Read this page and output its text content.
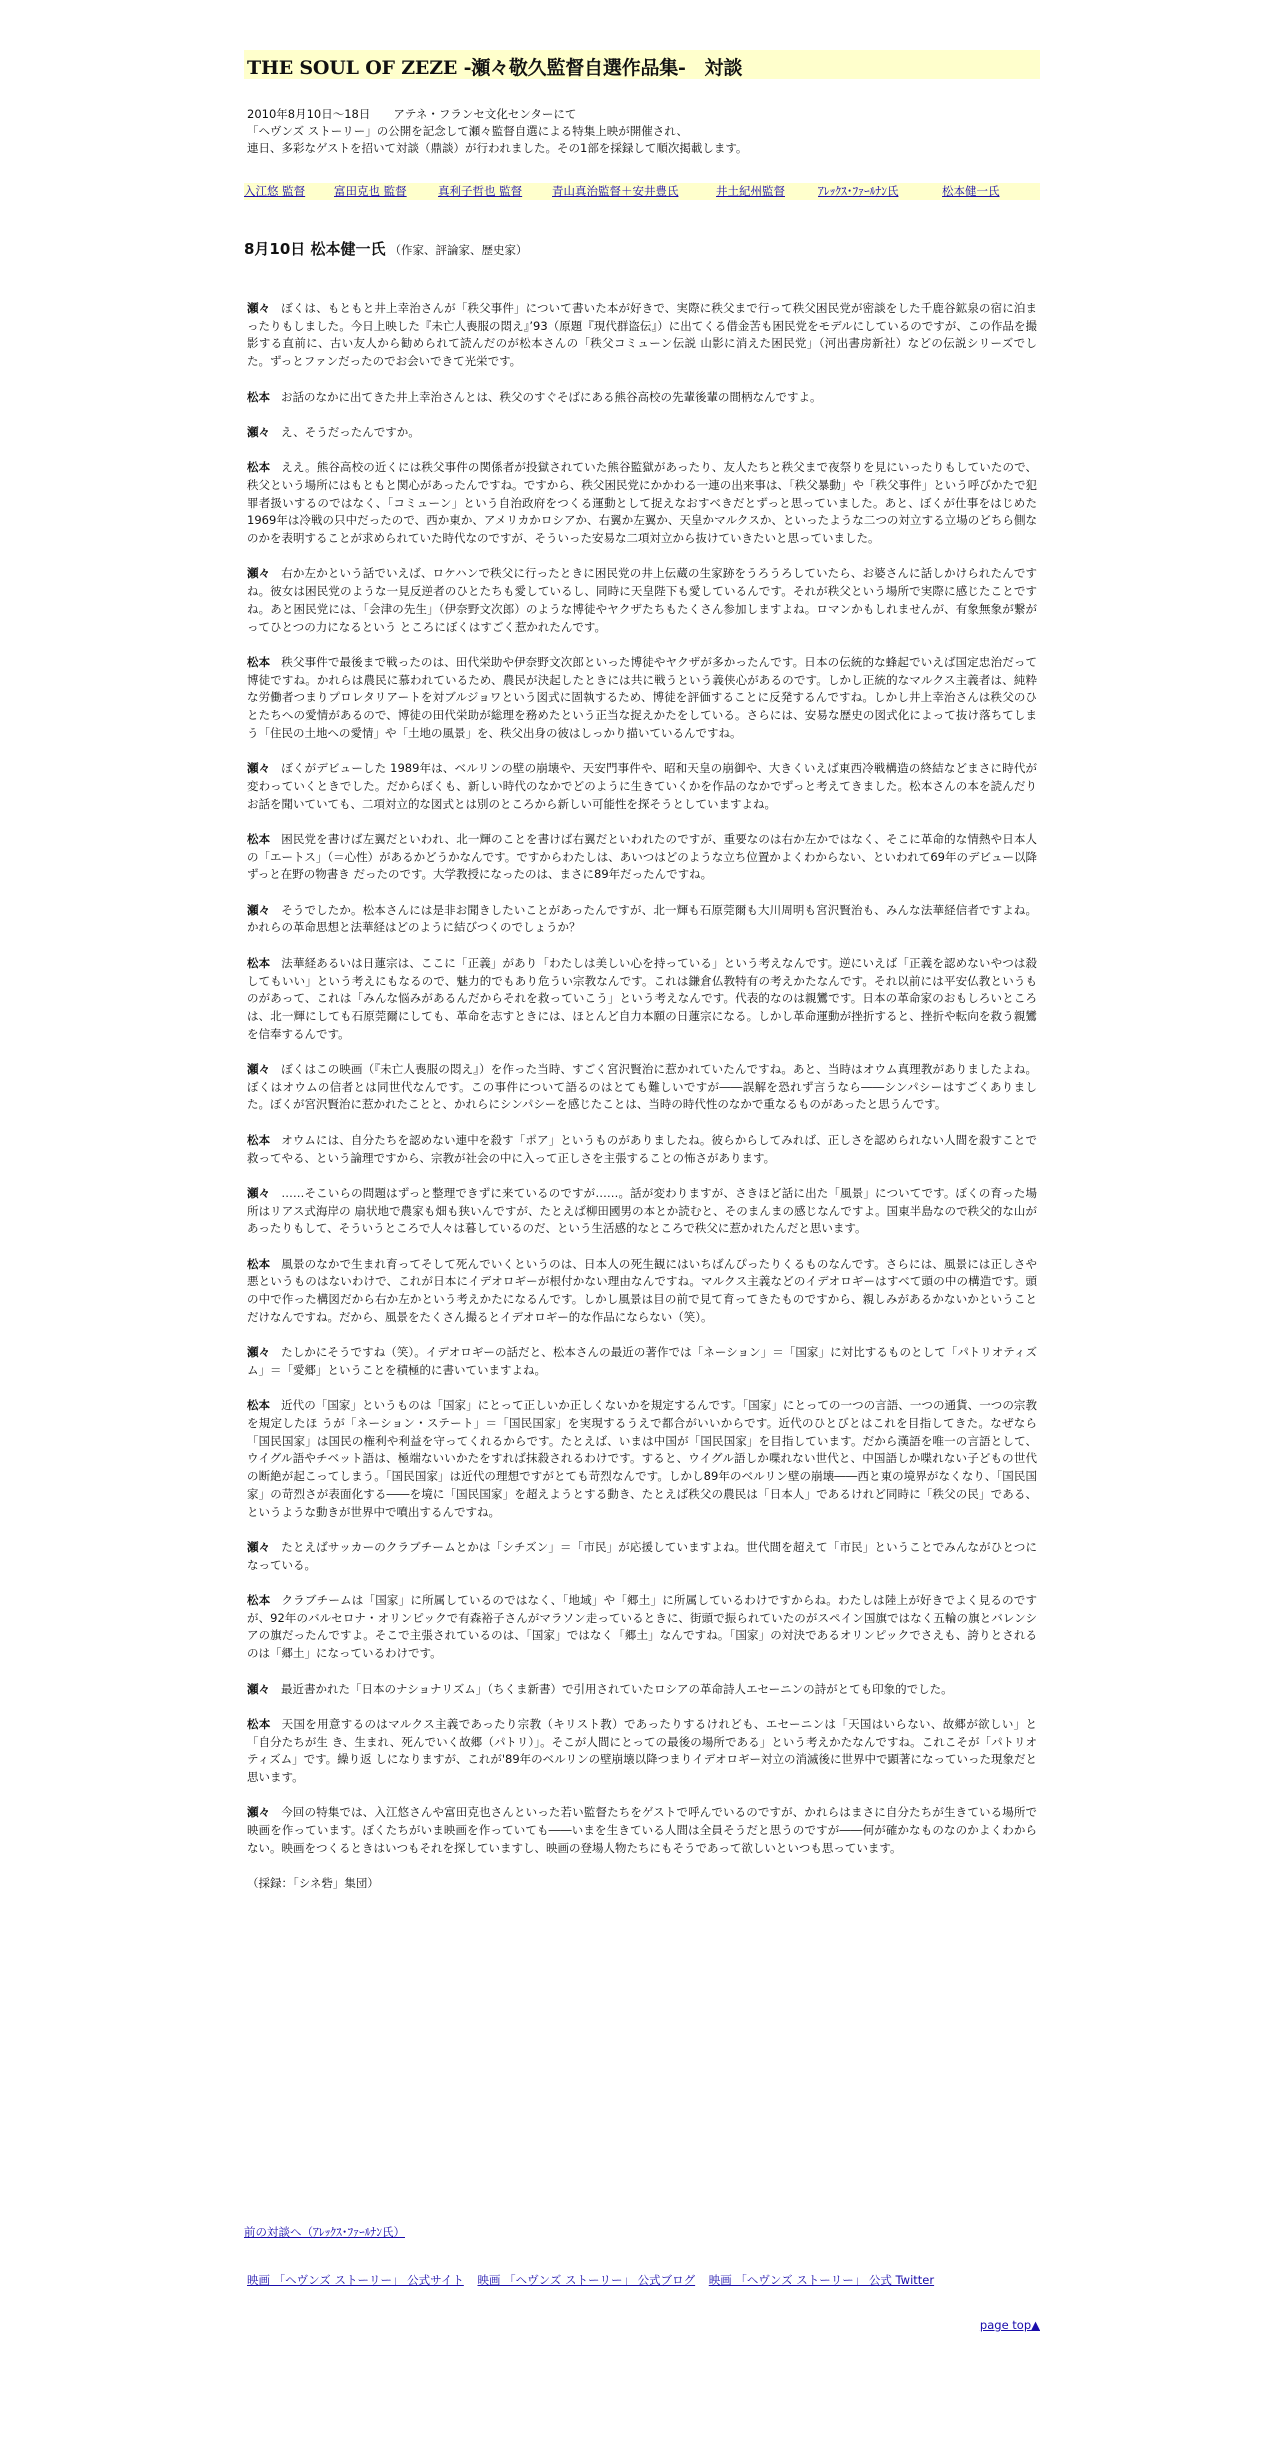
THE SOUL OF ZEZE -瀬々敬久監督自選作品集-　対談
2010年8月10日～18日　　アテネ・フランセ文化センターにて
「ヘヴンズ ストーリー」の公開を記念して瀬々監督自選による特集上映が開催され、
連日、多彩なゲストを招いて対談（鼎談）が行われました。その1部を採録して順次掲載します。
入江悠 監督	富田克也 監督	真利子哲也 監督	青山真治監督＋安井豊氏	井土紀州監督	ｱﾚｯｸｽ･ﾌｧｰﾙﾅﾝ氏	松本健一氏
8月10日 松本健一氏 （作家、評論家、歴史家）

瀬々 ぼくは、もともと井上幸治さんが「秩父事件」について書いた本が好きで、実際に秩父まで行って秩父困民党が密談をした千鹿谷鉱泉の宿に泊まったりもしました。今日上映した『未亡人喪服の悶え』’93（原題『現代群盗伝』）に出てくる借金苦も困民党をモデルにしているのですが、この作品を撮影する直前に、古い友人から勧められて読んだのが松本さんの「秩父コミューン伝説 山影に消えた困民党」（河出書房新社）などの伝説シリーズでした。ずっとファンだったのでお会いできて光栄です。

松本 お話のなかに出てきた井上幸治さんとは、秩父のすぐそばにある熊谷高校の先輩後輩の間柄なんですよ。

瀬々 え、そうだったんですか。

松本 ええ。熊谷高校の近くには秩父事件の関係者が投獄されていた熊谷監獄があったり、友人たちと秩父まで夜祭りを見にいったりもしていたので、秩父という場所にはもともと関心があったんですね。ですから、秩父困民党にかかわる一連の出来事は、「秩父暴動」や「秩父事件」という呼びかたで犯罪者扱いするのではなく、「コミューン」という自治政府をつくる運動として捉えなおすべきだとずっと思っていました。あと、ぼくが仕事をはじめた1969年は冷戦の只中だったので、西か東か、アメリカかロシアか、右翼か左翼か、天皇かマルクスか、といったような二つの対立する立場のどちら側なのかを表明することが求められていた時代なのですが、そういった安易な二項対立から抜けていきたいと思っていました。

瀬々 右か左かという話でいえば、ロケハンで秩父に行ったときに困民党の井上伝蔵の生家跡をうろうろしていたら、お婆さんに話しかけられたんですね。彼女は困民党のような一見反逆者のひとたちも愛しているし、同時に天皇陛下も愛しているんです。それが秩父という場所で実際に感じたことですね。あと困民党には、「会津の先生」（伊奈野文次郎）のような博徒やヤクザたちもたくさん参加しますよね。ロマンかもしれませんが、有象無象が繋がってひとつの力になるという ところにぼくはすごく惹かれたんです。

松本 秩父事件で最後まで戦ったのは、田代栄助や伊奈野文次郎といった博徒やヤクザが多かったんです。日本の伝統的な蜂起でいえば国定忠治だって博徒ですね。かれらは農民に慕われているため、農民が決起したときには共に戦うという義侠心があるのです。しかし正統的なマルクス主義者は、純粋な労働者つまりプロレタリアートを対ブルジョワという図式に固執するため、博徒を評価することに反発するんですね。しかし井上幸治さんは秩父のひとたちへの愛情があるので、博徒の田代栄助が総理を務めたという正当な捉えかたをしている。さらには、安易な歴史の図式化によって抜け落ちてしまう「住民の土地への愛情」や「土地の風景」を、秩父出身の彼はしっかり描いているんですね。

瀬々 ぼくがデビューした 1989年は、ベルリンの壁の崩壊や、天安門事件や、昭和天皇の崩御や、大きくいえば東西冷戦構造の終結などまさに時代が変わっていくときでした。だからぼくも、新しい時代のなかでどのように生きていくかを作品のなかでずっと考えてきました。松本さんの本を読んだりお話を聞いていても、二項対立的な図式とは別のところから新しい可能性を探そうとしていますよね。

松本 困民党を書けば左翼だといわれ、北一輝のことを書けば右翼だといわれたのですが、重要なのは右か左かではなく、そこに革命的な情熱や日本人の「エートス」（＝心性）があるかどうかなんです。ですからわたしは、あいつはどのような立ち位置かよくわからない、といわれて69年のデビュー以降ずっと在野の物書き だったのです。大学教授になったのは、まさに89年だったんですね。

瀬々 そうでしたか。松本さんには是非お聞きしたいことがあったんですが、北一輝も石原莞爾も大川周明も宮沢賢治も、みんな法華経信者ですよね。かれらの革命思想と法華経はどのように結びつくのでしょうか？

松本 法華経あるいは日蓮宗は、ここに「正義」があり「わたしは美しい心を持っている」という考えなんです。逆にいえば「正義を認めないやつは殺してもいい」という考えにもなるので、魅力的でもあり危うい宗教なんです。これは鎌倉仏教特有の考えかたなんです。それ以前には平安仏教というものがあって、これは「みんな悩みがあるんだからそれを救っていこう」という考えなんです。代表的なのは親鸞です。日本の革命家のおもしろいところは、北一輝にしても石原莞爾にしても、革命を志すときには、ほとんど自力本願の日蓮宗になる。しかし革命運動が挫折すると、挫折や転向を救う親鸞を信奉するんです。

瀬々 ぼくはこの映画（『未亡人喪服の悶え』）を作った当時、すごく宮沢賢治に惹かれていたんですね。あと、当時はオウム真理教がありましたよね。ぼくはオウムの信者とは同世代なんです。この事件について語るのはとても難しいですが――誤解を恐れず言うなら――シンパシーはすごくありました。ぼくが宮沢賢治に惹かれたことと、かれらにシンパシーを感じたことは、当時の時代性のなかで重なるものがあったと思うんです。

松本 オウムには、自分たちを認めない連中を殺す「ポア」というものがありましたね。彼らからしてみれば、正しさを認められない人間を殺すことで救ってやる、という論理ですから、宗教が社会の中に入って正しさを主張することの怖さがあります。

瀬々 ……そこいらの問題はずっと整理できずに来ているのですが……。話が変わりますが、さきほど話に出た「風景」についてです。ぼくの育った場所はリアス式海岸の 扇状地で農家も畑も狭いんですが、たとえば柳田國男の本とか読むと、そのまんまの感じなんですよ。国東半島なので秩父的な山があったりもして、そういうところで人々は暮しているのだ、という生活感的なところで秩父に惹かれたんだと思います。

松本 風景のなかで生まれ育ってそして死んでいくというのは、日本人の死生観にはいちばんぴったりくるものなんです。さらには、風景には正しさや悪というものはないわけで、これが日本にイデオロギーが根付かない理由なんですね。マルクス主義などのイデオロギーはすべて頭の中の構造です。頭の中で作った構図だから右か左かという考えかたになるんです。しかし風景は目の前で見て育ってきたものですから、親しみがあるかないかということだけなんですね。だから、風景をたくさん撮るとイデオロギー的な作品にならない（笑）。

瀬々 たしかにそうですね（笑）。イデオロギーの話だと、松本さんの最近の著作では「ネーション」＝「国家」に対比するものとして「パトリオティズム」＝「愛郷」ということを積極的に書いていますよね。

松本 近代の「国家」というものは「国家」にとって正しいか正しくないかを規定するんです。「国家」にとっての一つの言語、一つの通貨、一つの宗教を規定したほ うが「ネーション・ステート」＝「国民国家」を実現するうえで都合がいいからです。近代のひとびとはこれを目指してきた。なぜなら「国民国家」は国民の権利や利益を守ってくれるからです。たとえば、いまは中国が「国民国家」を目指しています。だから漢語を唯一の言語として、ウイグル語やチベット語は、極端ないいかたをすれば抹殺されるわけです。すると、ウイグル語しか喋れない世代と、中国語しか喋れない子どもの世代の断絶が起こってしまう。「国民国家」は近代の理想ですがとても苛烈なんです。しかし89年のベルリン壁の崩壊――西と東の境界がなくなり、「国民国家」の苛烈さが表面化する――を境に「国民国家」を超えようとする動き、たとえば秩父の農民は「日本人」であるけれど同時に「秩父の民」である、というような動きが世界中で噴出するんですね。

瀬々 たとえばサッカーのクラブチームとかは「シチズン」＝「市民」が応援していますよね。世代間を超えて「市民」ということでみんながひとつになっている。

松本 クラブチームは「国家」に所属しているのではなく、「地域」や「郷土」に所属しているわけですからね。わたしは陸上が好きでよく見るのですが、92年のバルセロナ・オリンピックで有森裕子さんがマラソン走っているときに、街頭で振られていたのがスペイン国旗ではなく五輪の旗とバレンシアの旗だったんですよ。そこで主張されているのは、「国家」ではなく「郷土」なんですね。「国家」の対決であるオリンピックでさえも、誇りとされるのは「郷土」になっているわけです。

瀬々 最近書かれた「日本のナショナリズム」（ちくま新書）で引用されていたロシアの革命詩人エセーニンの詩がとても印象的でした。

松本 天国を用意するのはマルクス主義であったり宗教（キリスト教）であったりするけれども、エセーニンは「天国はいらない、故郷が欲しい」と「自分たちが生 き、生まれ、死んでいく故郷（パトリ）」。そこが人間にとっての最後の場所である」という考えかたなんですね。これこそが「パトリオティズム」です。繰り返 しになりますが、これが'89年のベルリンの壁崩壊以降つまりイデオロギー対立の消滅後に世界中で顕著になっていった現象だと思います。

瀬々 今回の特集では、入江悠さんや富田克也さんといった若い監督たちをゲストで呼んでいるのですが、かれらはまさに自分たちが生きている場所で映画を作っています。ぼくたちがいま映画を作っていても――いまを生きている人間は全員そうだと思うのですが――何が確かなものなのかよくわからない。映画をつくるときはいつもそれを探していますし、映画の登場人物たちにもそうであって欲しいといつも思っています。

（採録：「シネ砦」集団）
前の対談へ（ｱﾚｯｸｽ･ﾌｧｰﾙﾅﾝ氏）
映画 「ヘヴンズ ストーリー」 公式サイト 映画 「ヘヴンズ ストーリー」 公式ブログ 映画 「ヘヴンズ ストーリー」 公式 Twitter
page top▲
